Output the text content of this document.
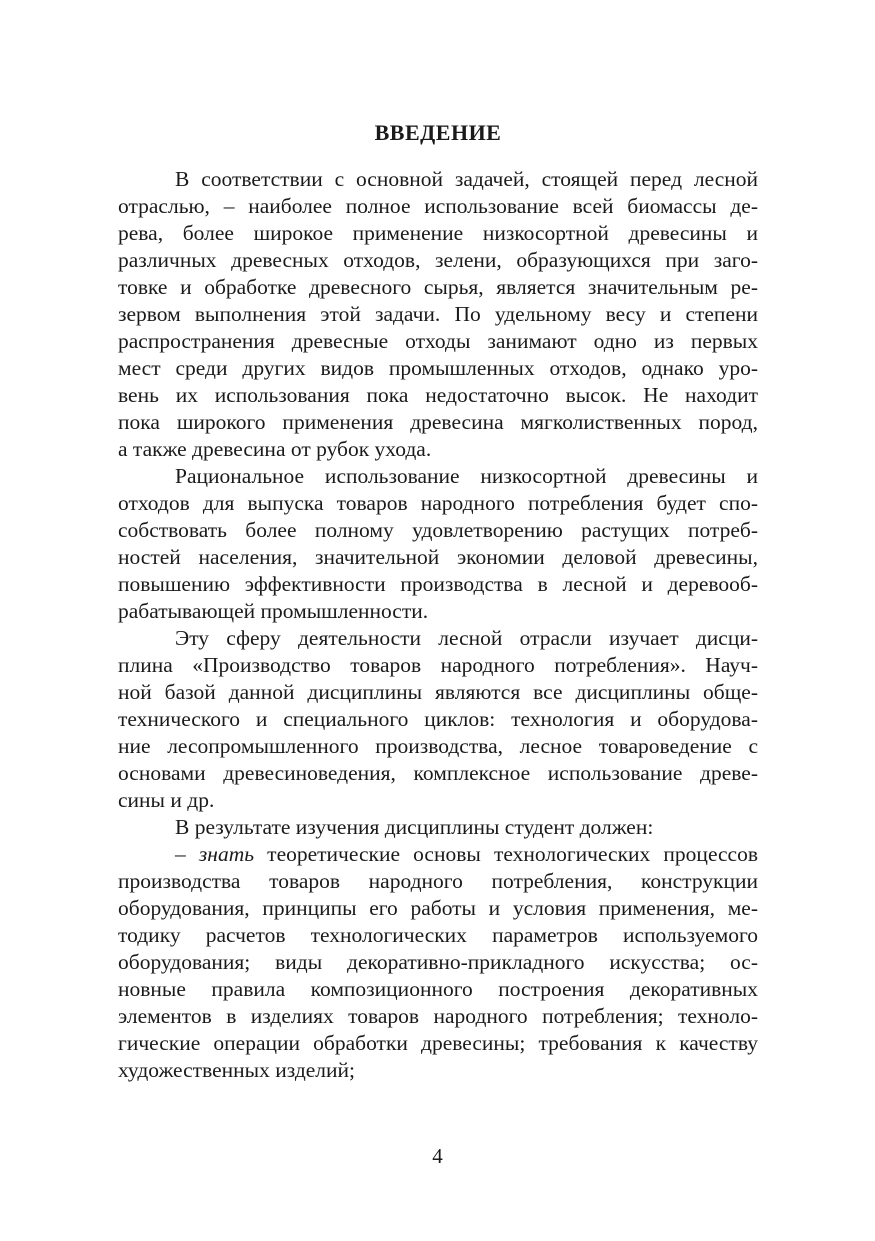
ВВЕДЕНИЕ
В соответствии с основной задачей, стоящей перед лесной
отраслью, – наиболее полное использование всей биомассы де-
рева, более широкое применение низкосортной древесины и
различных древесных отходов, зелени, образующихся при заго-
товке и обработке древесного сырья, является значительным ре-
зервом выполнения этой задачи. По удельному весу и степени
распространения древесные отходы занимают одно из первых
мест среди других видов промышленных отходов, однако уро-
вень их использования пока недостаточно высок. Не находит
пока широкого применения древесина мягколиственных пород,
а также древесина от рубок ухода.
Рациональное использование низкосортной древесины и
отходов для выпуска товаров народного потребления будет спо-
собствовать более полному удовлетворению растущих потреб-
ностей населения, значительной экономии деловой древесины,
повышению эффективности производства в лесной и деревооб-
рабатывающей промышленности.
Эту сферу деятельности лесной отрасли изучает дисци-
плина «Производство товаров народного потребления». Науч-
ной базой данной дисциплины являются все дисциплины обще-
технического и специального циклов: технология и оборудова-
ние лесопромышленного производства, лесное товароведение с
основами древесиноведения, комплексное использование древе-
сины и др.
В результате изучения дисциплины студент должен:
– знать теоретические основы технологических процессов
производства товаров народного потребления, конструкции
оборудования, принципы его работы и условия применения, ме-
тодику расчетов технологических параметров используемого
оборудования; виды декоративно-прикладного искусства; ос-
новные правила композиционного построения декоративных
элементов в изделиях товаров народного потребления; техноло-
гические операции обработки древесины; требования к качеству
художественных изделий;
4
